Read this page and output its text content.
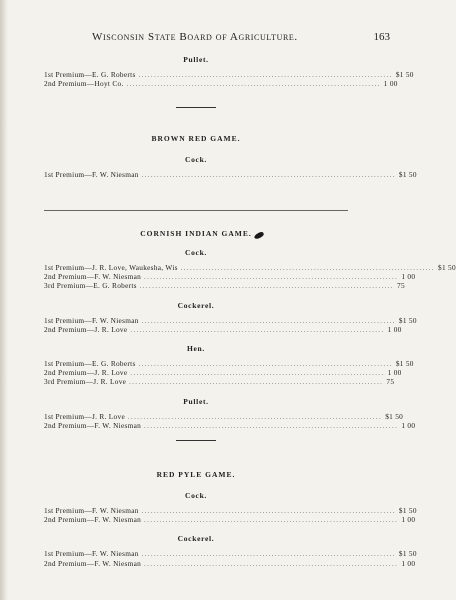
Wisconsin State Board of Agriculture.	163
Pullet.
1st Premium—E. G. Roberts .................................................................................. $1 50
2nd Premium—Hoyt Co. .................................................................................. 1 00
BROWN RED GAME.
Cock.
1st Premium—F. W. Niesman .................................................................................. $1 50
CORNISH INDIAN GAME.
Cock.
1st Premium—J. R. Love, Waukesha, Wis .................................................................................. $1 50
2nd Premium—F. W. Niesman .................................................................................. 1 00
3rd Premium—E. G. Roberts .................................................................................. 75
Cockerel.
1st Premium—F. W. Niesman .................................................................................. $1 50
2nd Premium—J. R. Love .................................................................................. 1 00
Hen.
1st Premium—E. G. Roberts .................................................................................. $1 50
2nd Premium—J. R. Love .................................................................................. 1 00
3rd Premium—J. R. Love .................................................................................. 75
Pullet.
1st Premium—J. R. Love .................................................................................. $1 50
2nd Premium—F. W. Niesman .................................................................................. 1 00
RED PYLE GAME.
Cock.
1st Premium—F. W. Niesman .................................................................................. $1 50
2nd Premium—F. W. Niesman .................................................................................. 1 00
Cockerel.
1st Premium—F. W. Niesman .................................................................................. $1 50
2nd Premium—F. W. Niesman .................................................................................. 1 00
